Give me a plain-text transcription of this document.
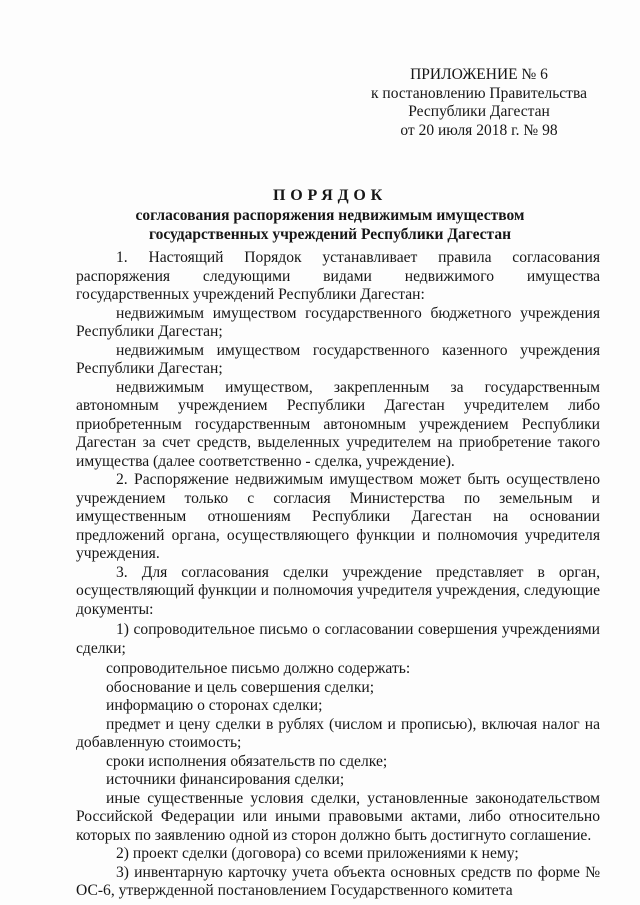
ПРИЛОЖЕНИЕ № 6
к постановлению Правительства
Республики Дагестан
от 20 июля 2018 г. № 98
ПОРЯДОК
согласования распоряжения недвижимым имуществом
государственных учреждений Республики Дагестан

1. Настоящий Порядок устанавливает правила согласования распоряжения следующими видами недвижимого имущества государственных учреждений Республики Дагестан:

недвижимым имуществом государственного бюджетного учреждения Республики Дагестан;

недвижимым имуществом государственного казенного учреждения Республики Дагестан;

недвижимым имуществом, закрепленным за государственным автономным учреждением Республики Дагестан учредителем либо приобретенным государственным автономным учреждением Республики Дагестан за счет средств, выделенных учредителем на приобретение такого имущества (далее соответственно - сделка, учреждение).

2. Распоряжение недвижимым имуществом может быть осуществлено учреждением только с согласия Министерства по земельным и имущественным отношениям Республики Дагестан на основании предложений органа, осуществляющего функции и полномочия учредителя учреждения.

3. Для согласования сделки учреждение представляет в орган, осуществляющий функции и полномочия учредителя учреждения, следующие документы:

1) сопроводительное письмо о согласовании совершения учреждениями сделки;

сопроводительное письмо должно содержать:

обоснование и цель совершения сделки;

информацию о сторонах сделки;

предмет и цену сделки в рублях (числом и прописью), включая налог на добавленную стоимость;

сроки исполнения обязательств по сделке;

источники финансирования сделки;

иные существенные условия сделки, установленные законодательством Российской Федерации или иными правовыми актами, либо относительно которых по заявлению одной из сторон должно быть достигнуто соглашение.

2) проект сделки (договора) со всеми приложениями к нему;

3) инвентарную карточку учета объекта основных средств по форме № ОС-6, утвержденной постановлением Государственного комитета
